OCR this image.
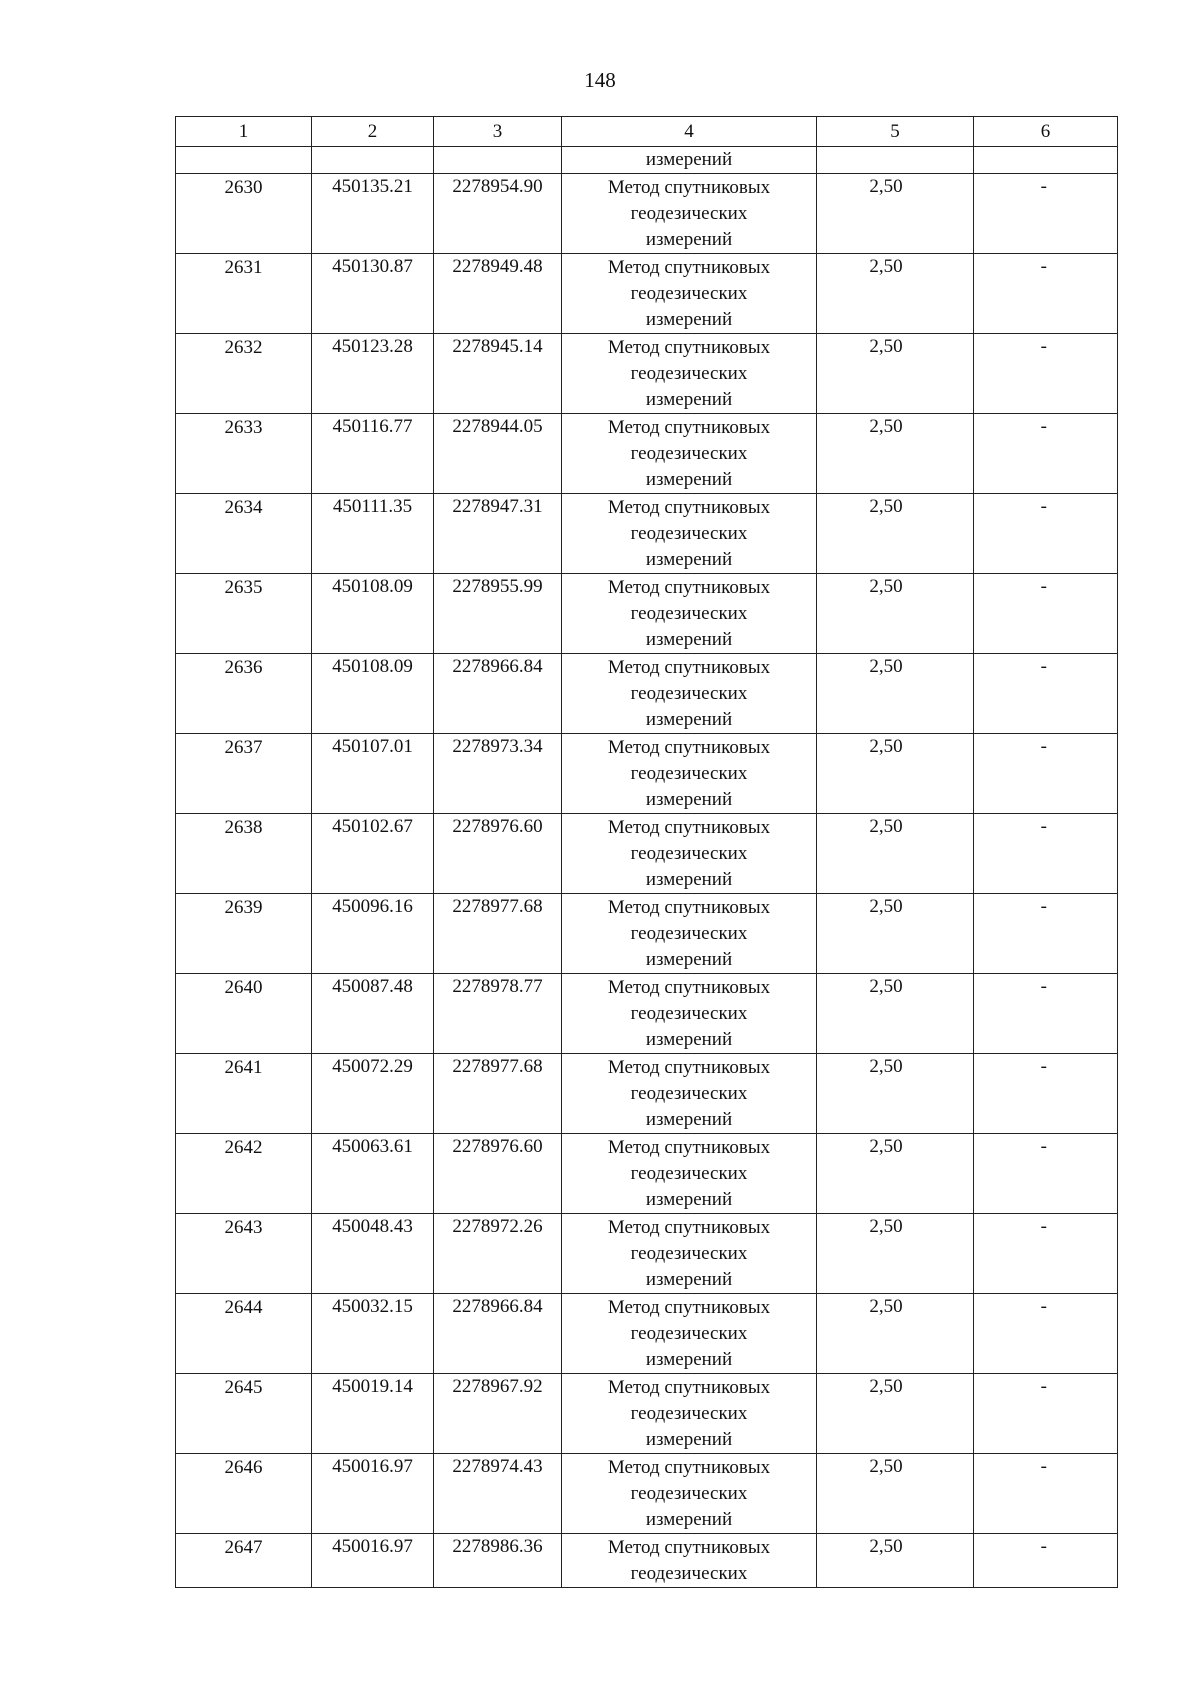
148
1	2	3	4	5	6
			измерений		
2630	450135.21	2278954.90	Метод спутниковых
геодезических
измерений	2,50	-
2631	450130.87	2278949.48	Метод спутниковых
геодезических
измерений	2,50	-
2632	450123.28	2278945.14	Метод спутниковых
геодезических
измерений	2,50	-
2633	450116.77	2278944.05	Метод спутниковых
геодезических
измерений	2,50	-
2634	450111.35	2278947.31	Метод спутниковых
геодезических
измерений	2,50	-
2635	450108.09	2278955.99	Метод спутниковых
геодезических
измерений	2,50	-
2636	450108.09	2278966.84	Метод спутниковых
геодезических
измерений	2,50	-
2637	450107.01	2278973.34	Метод спутниковых
геодезических
измерений	2,50	-
2638	450102.67	2278976.60	Метод спутниковых
геодезических
измерений	2,50	-
2639	450096.16	2278977.68	Метод спутниковых
геодезических
измерений	2,50	-
2640	450087.48	2278978.77	Метод спутниковых
геодезических
измерений	2,50	-
2641	450072.29	2278977.68	Метод спутниковых
геодезических
измерений	2,50	-
2642	450063.61	2278976.60	Метод спутниковых
геодезических
измерений	2,50	-
2643	450048.43	2278972.26	Метод спутниковых
геодезических
измерений	2,50	-
2644	450032.15	2278966.84	Метод спутниковых
геодезических
измерений	2,50	-
2645	450019.14	2278967.92	Метод спутниковых
геодезических
измерений	2,50	-
2646	450016.97	2278974.43	Метод спутниковых
геодезических
измерений	2,50	-
2647	450016.97	2278986.36	Метод спутниковых
геодезических	2,50	-
